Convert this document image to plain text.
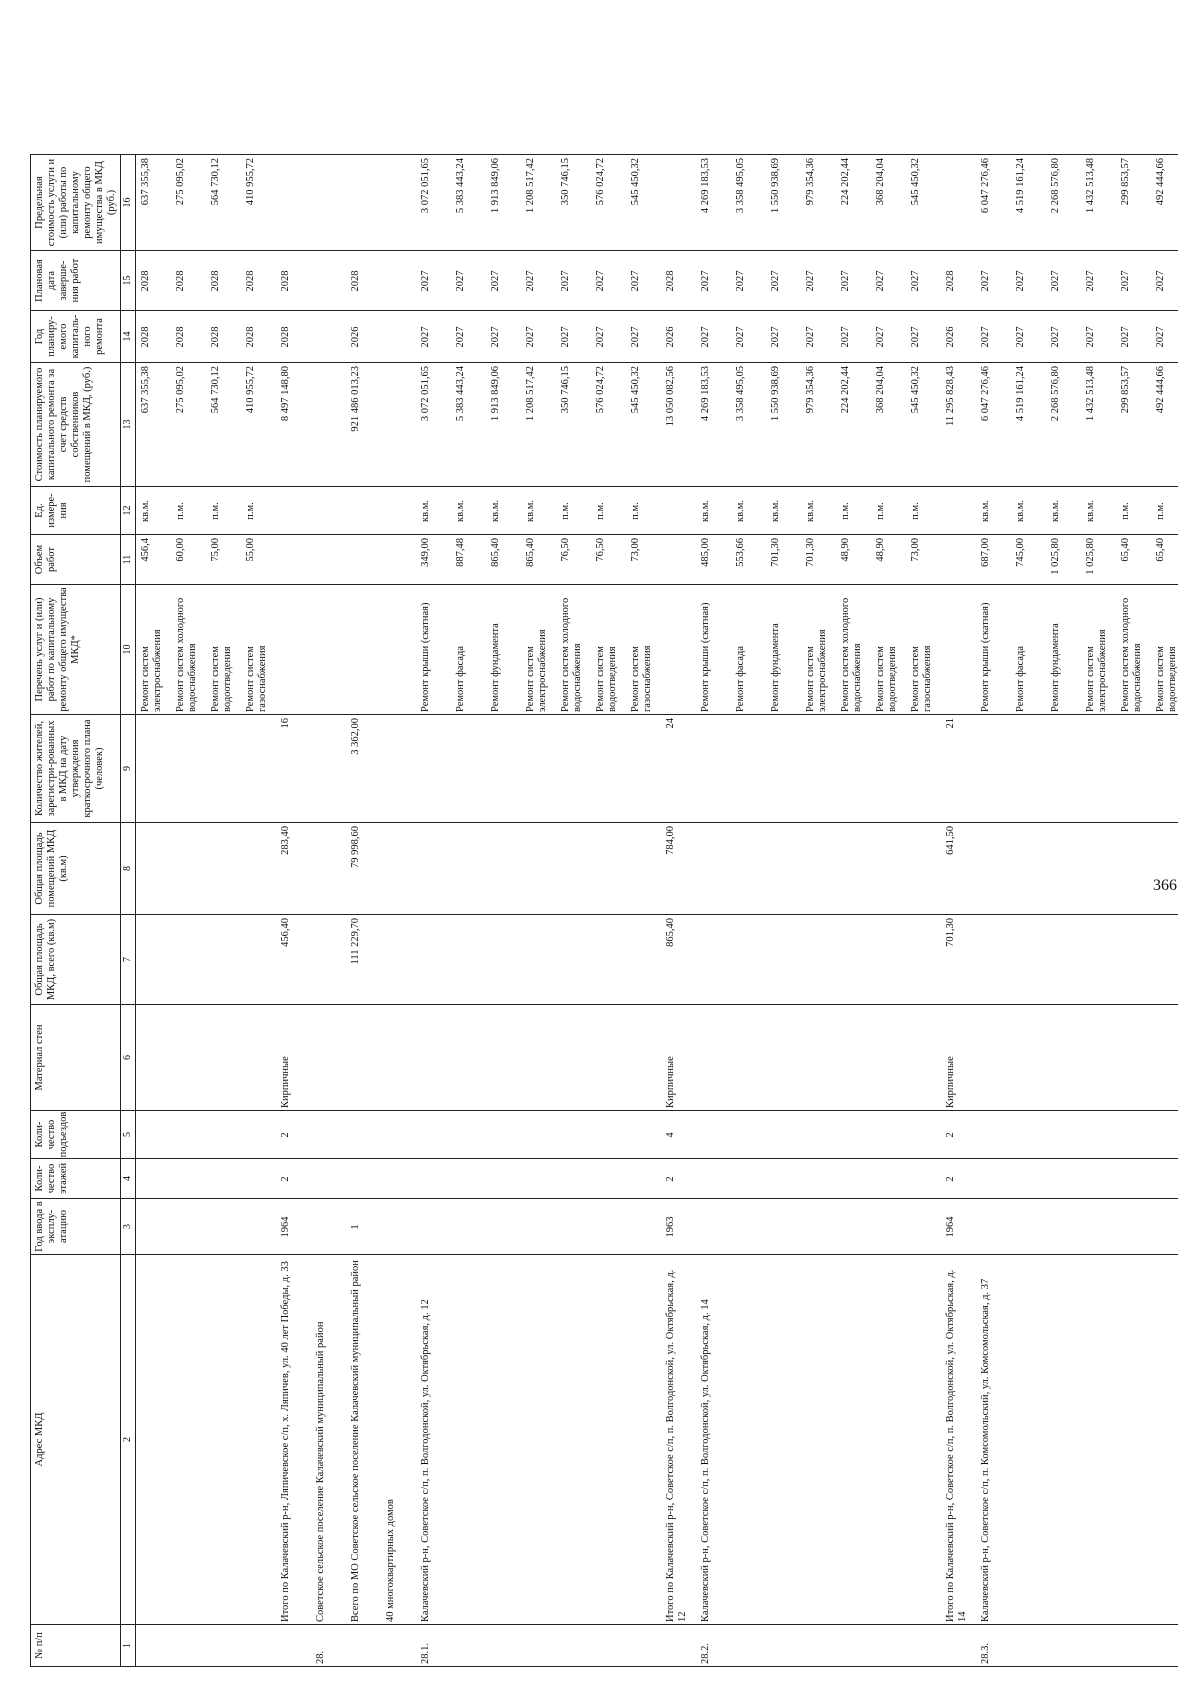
366
№ п/п
Адрес МКД
Год ввода в эксплу-атацию
Коли-чество этажей
Коли-чество подъездов
Материал стен
Общая площадь МКД, всего (кв.м)
Общая площадь помещений МКД (кв.м)
Количество жителей, зарегистри-рованных в МКД на дату утверждения краткосрочного плана (человек)
Перечень услуг и (или) работ по капитальному ремонту общего имущества МКД*
Объем работ
Ед. измере-ния
Стоимость планируемого капитального ремонта за счет средств собственников помещений в МКД, (руб.)
Год планиру-емого капиталь-ного ремонта
Плановая дата заверше-ния работ
Предельная стоимость услуги и (или) работы по капитальному ремонту общего имущества в МКД (руб.)
1
2
3
4
5
6
7
8
9
10
11
12
13
14
15
16
Ремонт систем электроснабжения
456,4
кв.м.
637 355,38
2028
2028
637 355,38
Ремонт систем холодного водоснабжения
60,00
п.м.
275 095,02
2028
2028
275 095,02
Ремонт систем водоотведения
75,00
п.м.
564 730,12
2028
2028
564 730,12
Ремонт систем газоснабжения
55,00
п.м.
410 955,72
2028
2028
410 955,72
Итого по Калачевский р-н, Ляпичевское с/п, х. Ляпичев, ул. 40 лет Победы, д. 33
1964
2
2
Кирпичные
456,40
283,40
16
8 497 148,80
2028
2028
28.
Советское сельское поселение Калачевский муниципальный район Всего по МО Советское сельское поселение Калачевский муниципальный район
1
111 229,70
79 998,60
3 362,00
921 486 013,23
2026
2028
40 многоквартирных домов
28.1.
Калачевский р-н, Советское с/п, п. Волгодонской, ул. Октябрьская, д. 12
Ремонт крыши (скатная)
349,00
кв.м.
3 072 051,65
2027
2027
3 072 051,65
Ремонт фасада
887,48
кв.м.
5 383 443,24
2027
2027
5 383 443,24
Ремонт фундамента
865,40
кв.м.
1 913 849,06
2027
2027
1 913 849,06
Ремонт систем электроснабжения
865,40
кв.м.
1 208 517,42
2027
2027
1 208 517,42
Ремонт систем холодного водоснабжения
76,50
п.м.
350 746,15
2027
2027
350 746,15
Ремонт систем водоотведения
76,50
п.м.
576 024,72
2027
2027
576 024,72
Ремонт систем газоснабжения
73,00
п.м.
545 450,32
2027
2027
545 450,32
Итого по Калачевский р-н, Советское с/п, п. Волгодонской, ул. Октябрьская, д. 12
1963
2
4
Кирпичные
865,40
784,00
24
13 050 082,56
2026
2028
28.2.
Калачевский р-н, Советское с/п, п. Волгодонской, ул. Октябрьская, д. 14
Ремонт крыши (скатная)
485,00
кв.м.
4 269 183,53
2027
2027
4 269 183,53
Ремонт фасада
553,66
кв.м.
3 358 495,05
2027
2027
3 358 495,05
Ремонт фундамента
701,30
кв.м.
1 550 938,69
2027
2027
1 550 938,69
Ремонт систем электроснабжения
701,30
кв.м.
979 354,36
2027
2027
979 354,36
Ремонт систем холодного водоснабжения
48,90
п.м.
224 202,44
2027
2027
224 202,44
Ремонт систем водоотведения
48,90
п.м.
368 204,04
2027
2027
368 204,04
Ремонт систем газоснабжения
73,00
п.м.
545 450,32
2027
2027
545 450,32
Итого по Калачевский р-н, Советское с/п, п. Волгодонской, ул. Октябрьская, д. 14
1964
2
2
Кирпичные
701,30
641,50
21
11 295 828,43
2026
2028
28.3.
Калачевский р-н, Советское с/п, п. Комсомольский, ул. Комсомольская, д. 37
Ремонт крыши (скатная)
687,00
кв.м.
6 047 276,46
2027
2027
6 047 276,46
Ремонт фасада
745,00
кв.м.
4 519 161,24
2027
2027
4 519 161,24
Ремонт фундамента
1 025,80
кв.м.
2 268 576,80
2027
2027
2 268 576,80
Ремонт систем электроснабжения
1 025,80
кв.м.
1 432 513,48
2027
2027
1 432 513,48
Ремонт систем холодного водоснабжения
65,40
п.м.
299 853,57
2027
2027
299 853,57
Ремонт систем водоотведения
65,40
п.м.
492 444,66
2027
2027
492 444,66
